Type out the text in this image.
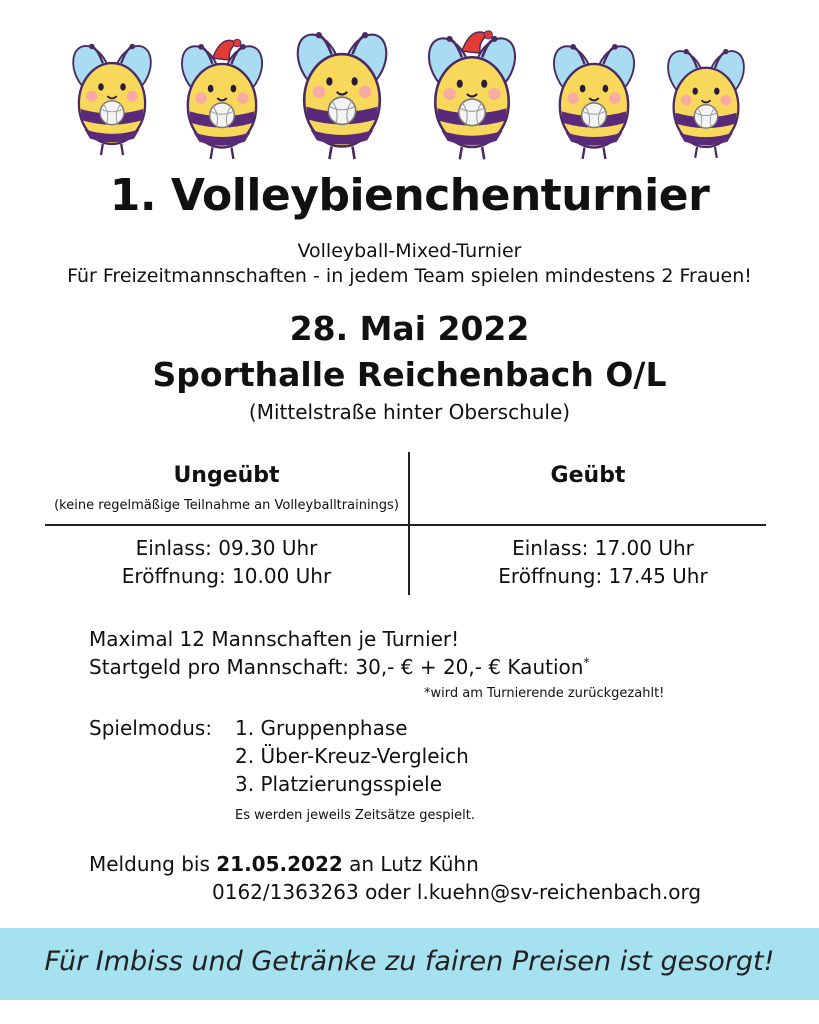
1. Volleybienchenturnier
Volleyball-Mixed-Turnier
Für Freizeitmannschaften - in jedem Team spielen mindestens 2 Frauen!
28. Mai 2022
Sporthalle Reichenbach O/L
(Mittelstraße hinter Oberschule)
Ungeübt
(keine regelmäßige Teilnahme an Volleyballtrainings)
Geübt
Einlass: 09.30 Uhr
Eröffnung: 10.00 Uhr
Einlass: 17.00 Uhr
Eröffnung: 17.45 Uhr
Maximal 12 Mannschaften je Turnier!
Startgeld pro Mannschaft: 30,- € + 20,- € Kaution*
*wird am Turnierende zurückgezahlt!
Spielmodus: 1. Gruppenphase
2. Über-Kreuz-Vergleich
3. Platzierungsspiele
Es werden jeweils Zeitsätze gespielt.
Meldung bis 21.05.2022 an Lutz Kühn
0162/1363263 oder l.kuehn@sv-reichenbach.org
Für Imbiss und Getränke zu fairen Preisen ist gesorgt!
